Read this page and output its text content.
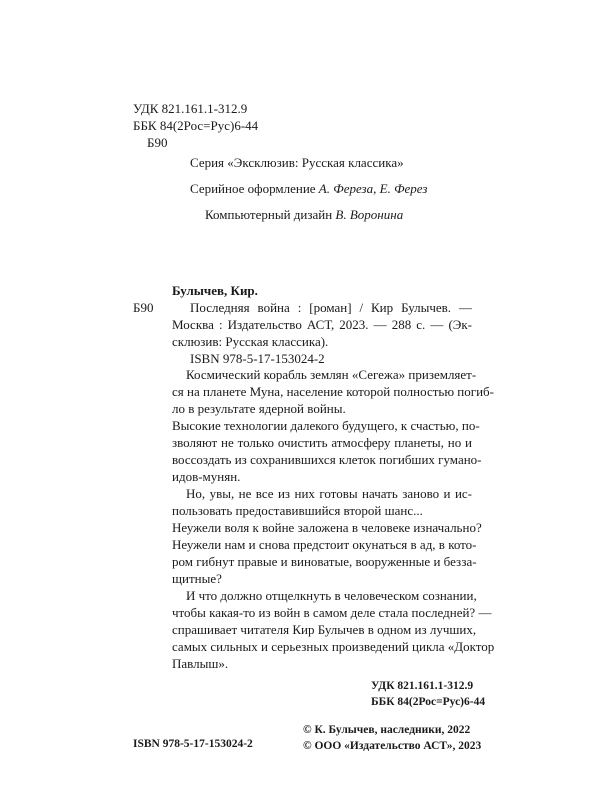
УДК 821.161.1-312.9
ББК 84(2Рос=Рус)6-44
Б90
Серия «Эксклюзив: Русская классика»
Серийное оформление А. Фереза, Е. Ферез
Компьютерный дизайн В. Воронина
Булычев, Кир.
Б90	Последняя война : [роман] / Кир Булычев. —
Москва : Издательство АСТ, 2023. — 288 с. — (Эк-
склюзив: Русская классика).
ISBN 978-5-17-153024-2
Космический корабль землян «Сегежа» приземляет-
ся на планете Муна, население которой полностью погиб-
ло в результате ядерной войны.
Высокие технологии далекого будущего, к счастью, по-
зволяют не только очистить атмосферу планеты, но и
воссоздать из сохранившихся клеток погибших гумано-
идов-мунян.
Но, увы, не все из них готовы начать заново и ис-
пользовать предоставившийся второй шанс...
Неужели воля к войне заложена в человеке изначально?
Неужели нам и снова предстоит окунаться в ад, в кото-
ром гибнут правые и виноватые, вооруженные и безза-
щитные?
И что должно отщелкнуть в человеческом сознании,
чтобы какая-то из войн в самом деле стала последней? —
спрашивает читателя Кир Булычев в одном из лучших,
самых сильных и серьезных произведений цикла «Доктор
Павлыш».
УДК 821.161.1-312.9
ББК 84(2Рос=Рус)6-44
ISBN 978-5-17-153024-2
© К. Булычев, наследники, 2022
© ООО «Издательство АСТ», 2023
